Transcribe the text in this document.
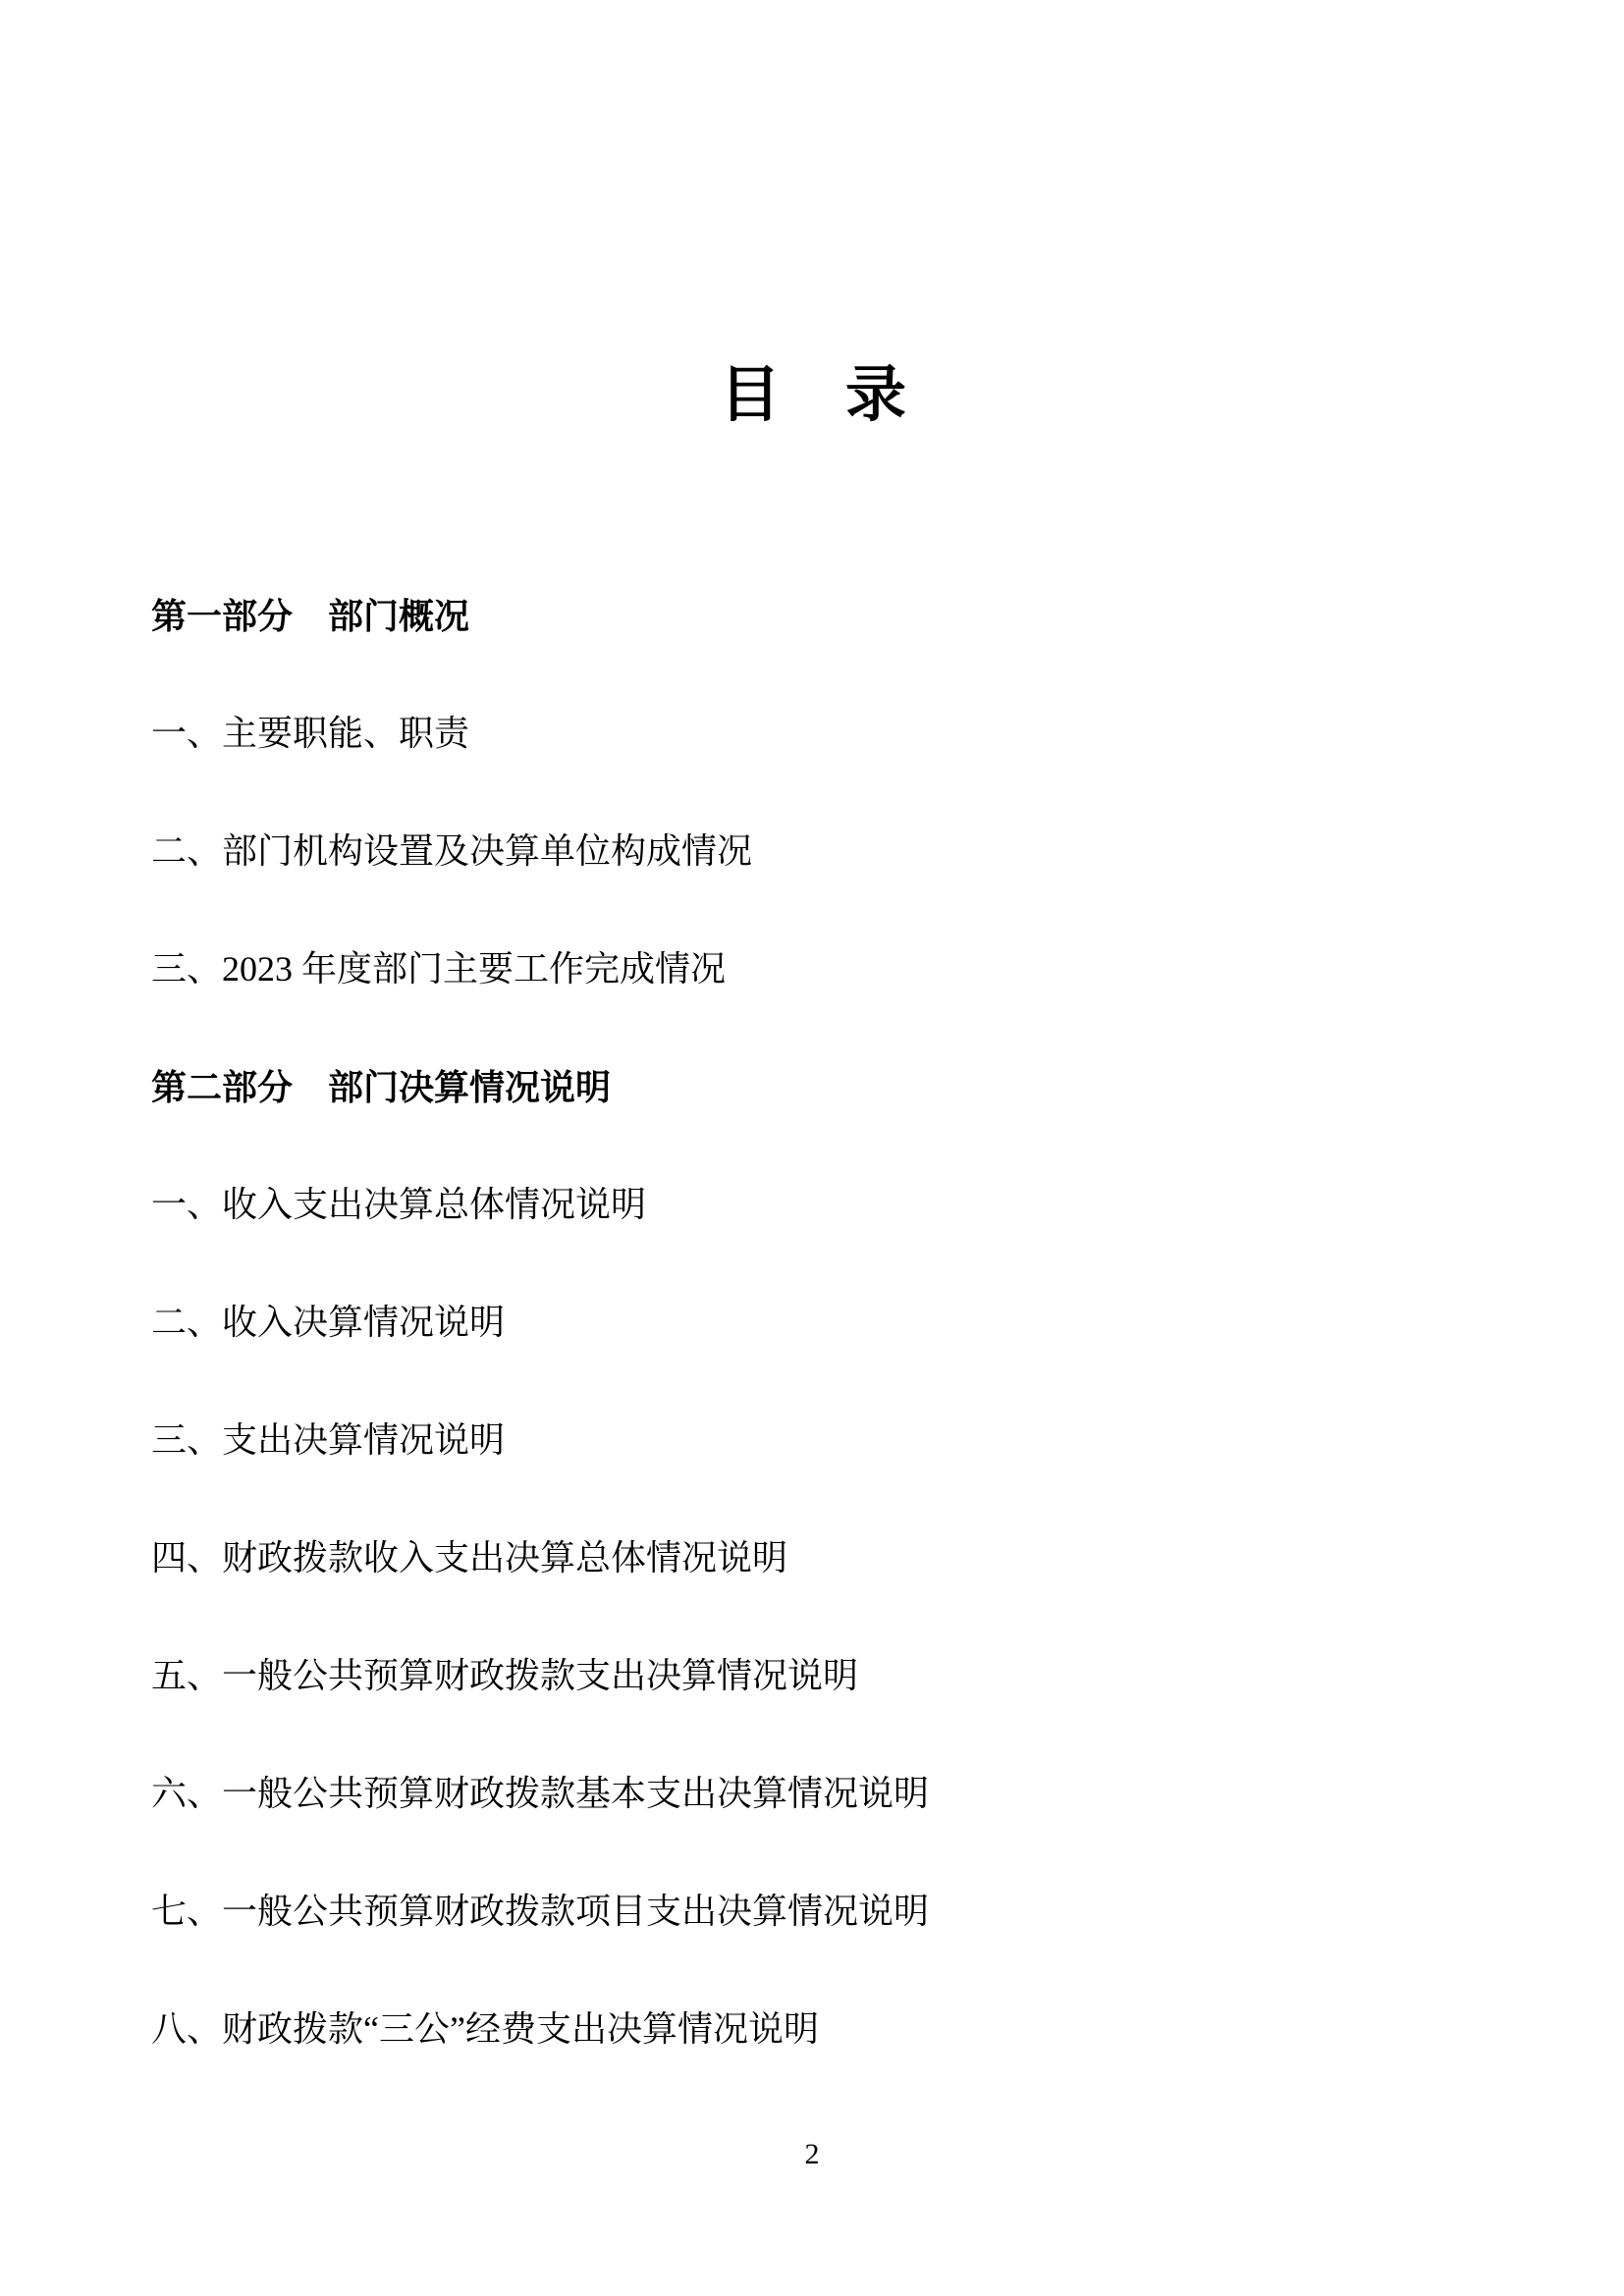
目　录

第一部分　部门概况

一、主要职能、职责

二、部门机构设置及决算单位构成情况

三、2023 年度部门主要工作完成情况

第二部分　部门决算情况说明

一、收入支出决算总体情况说明

二、收入决算情况说明

三、支出决算情况说明

四、财政拨款收入支出决算总体情况说明

五、一般公共预算财政拨款支出决算情况说明

六、一般公共预算财政拨款基本支出决算情况说明

七、一般公共预算财政拨款项目支出决算情况说明

八、财政拨款“三公”经费支出决算情况说明

2
